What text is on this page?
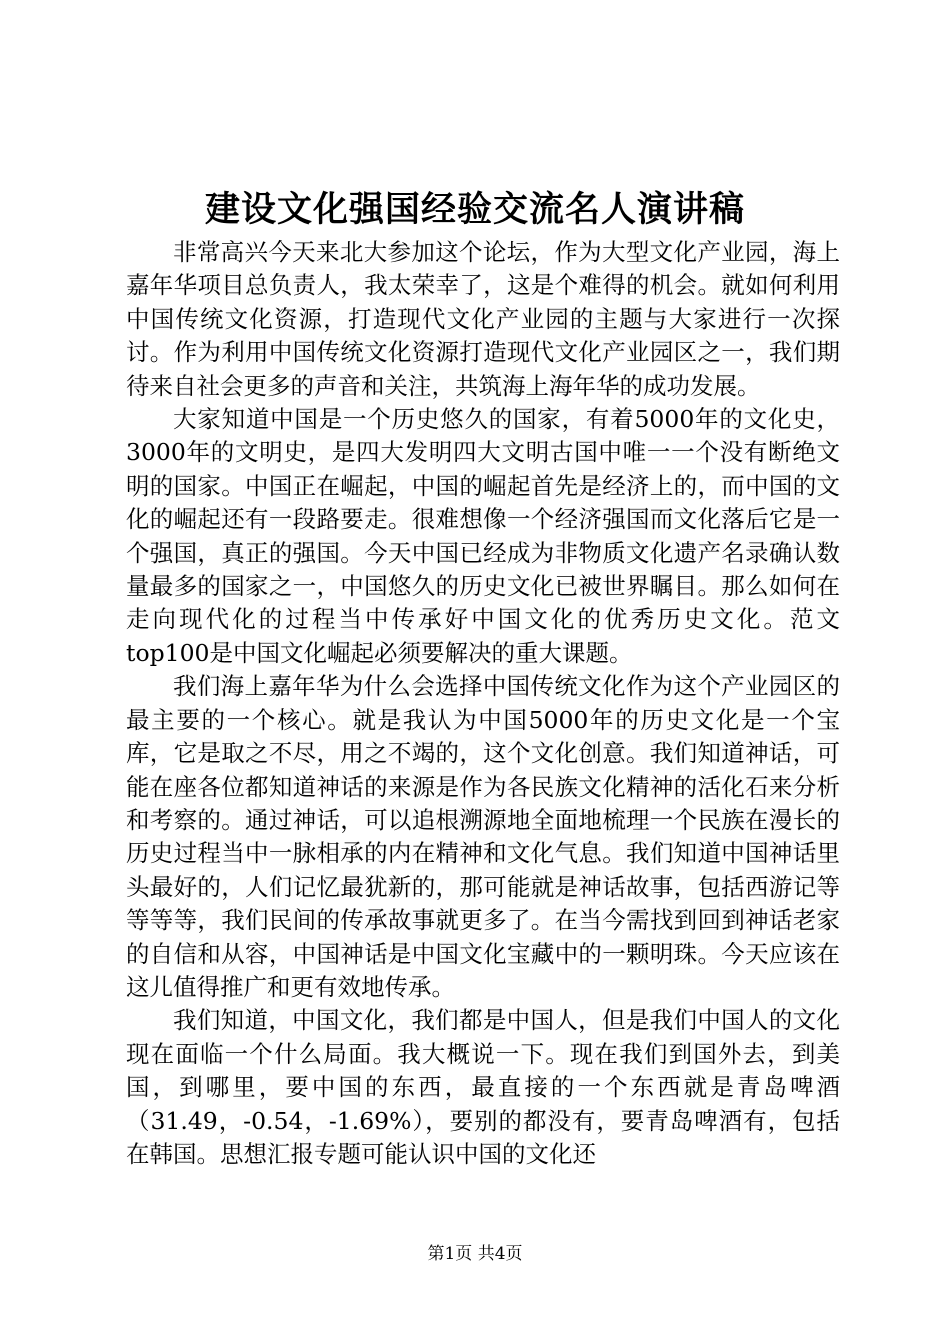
建设文化强国经验交流名人演讲稿

非常高兴今天来北大参加这个论坛，作为大型文化产业园，海上嘉年华项目总负责人，我太荣幸了，这是个难得的机会。就如何利用中国传统文化资源，打造现代文化产业园的主题与大家进行一次探讨。作为利用中国传统文化资源打造现代文化产业园区之一，我们期待来自社会更多的声音和关注，共筑海上海年华的成功发展。

大家知道中国是一个历史悠久的国家，有着5000年的文化史，3000年的文明史，是四大发明四大文明古国中唯一一个没有断绝文明的国家。中国正在崛起，中国的崛起首先是经济上的，而中国的文化的崛起还有一段路要走。很难想像一个经济强国而文化落后它是一个强国，真正的强国。今天中国已经成为非物质文化遗产名录确认数量最多的国家之一，中国悠久的历史文化已被世界瞩目。那么如何在走向现代化的过程当中传承好中国文化的优秀历史文化。范文top100是中国文化崛起必须要解决的重大课题。

我们海上嘉年华为什么会选择中国传统文化作为这个产业园区的最主要的一个核心。就是我认为中国5000年的历史文化是一个宝库，它是取之不尽，用之不竭的，这个文化创意。我们知道神话，可能在座各位都知道神话的来源是作为各民族文化精神的活化石来分析和考察的。通过神话，可以追根溯源地全面地梳理一个民族在漫长的历史过程当中一脉相承的内在精神和文化气息。我们知道中国神话里头最好的，人们记忆最犹新的，那可能就是神话故事，包括西游记等等等等，我们民间的传承故事就更多了。在当今需找到回到神话老家的自信和从容，中国神话是中国文化宝藏中的一颗明珠。今天应该在这儿值得推广和更有效地传承。

我们知道，中国文化，我们都是中国人，但是我们中国人的文化现在面临一个什么局面。我大概说一下。现在我们到国外去，到美国，到哪里，要中国的东西，最直接的一个东西就是青岛啤酒（31.49，-0.54，-1.69%），要别的都没有，要青岛啤酒有，包括在韩国。思想汇报专题可能认识中国的文化还

第1页 共4页
